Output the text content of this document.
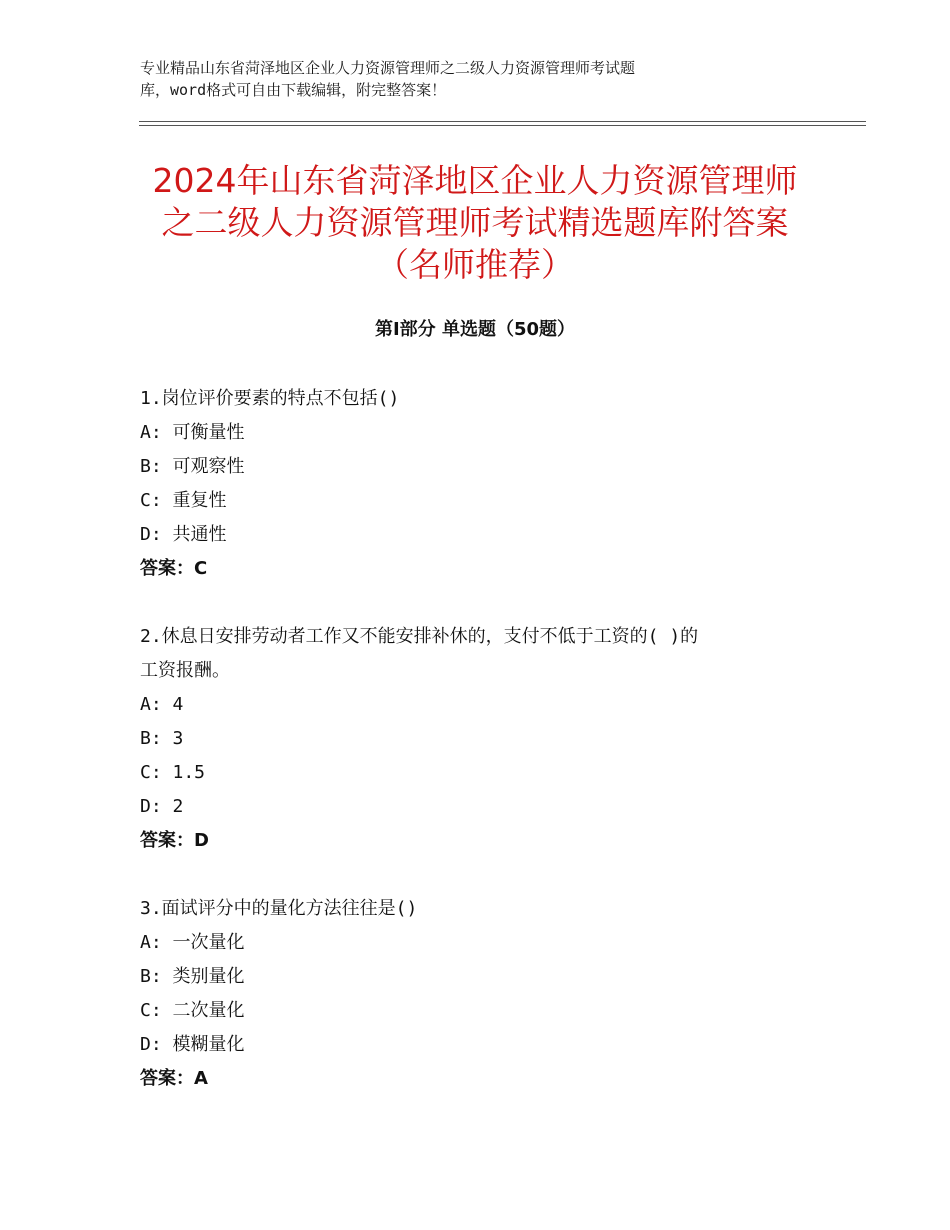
专业精品山东省菏泽地区企业人力资源管理师之二级人力资源管理师考试题
库，word格式可自由下载编辑，附完整答案！
2024年山东省菏泽地区企业人力资源管理师
之二级人力资源管理师考试精选题库附答案
（名师推荐）
第Ⅰ部分 单选题（50题）
1.岗位评价要素的特点不包括()
A: 可衡量性
B: 可观察性
C: 重复性
D: 共通性
答案：C
2.休息日安排劳动者工作又不能安排补休的，支付不低于工资的( )的
工资报酬。
A: 4
B: 3
C: 1.5
D: 2
答案：D
3.面试评分中的量化方法往往是()
A: 一次量化
B: 类别量化
C: 二次量化
D: 模糊量化
答案：A
